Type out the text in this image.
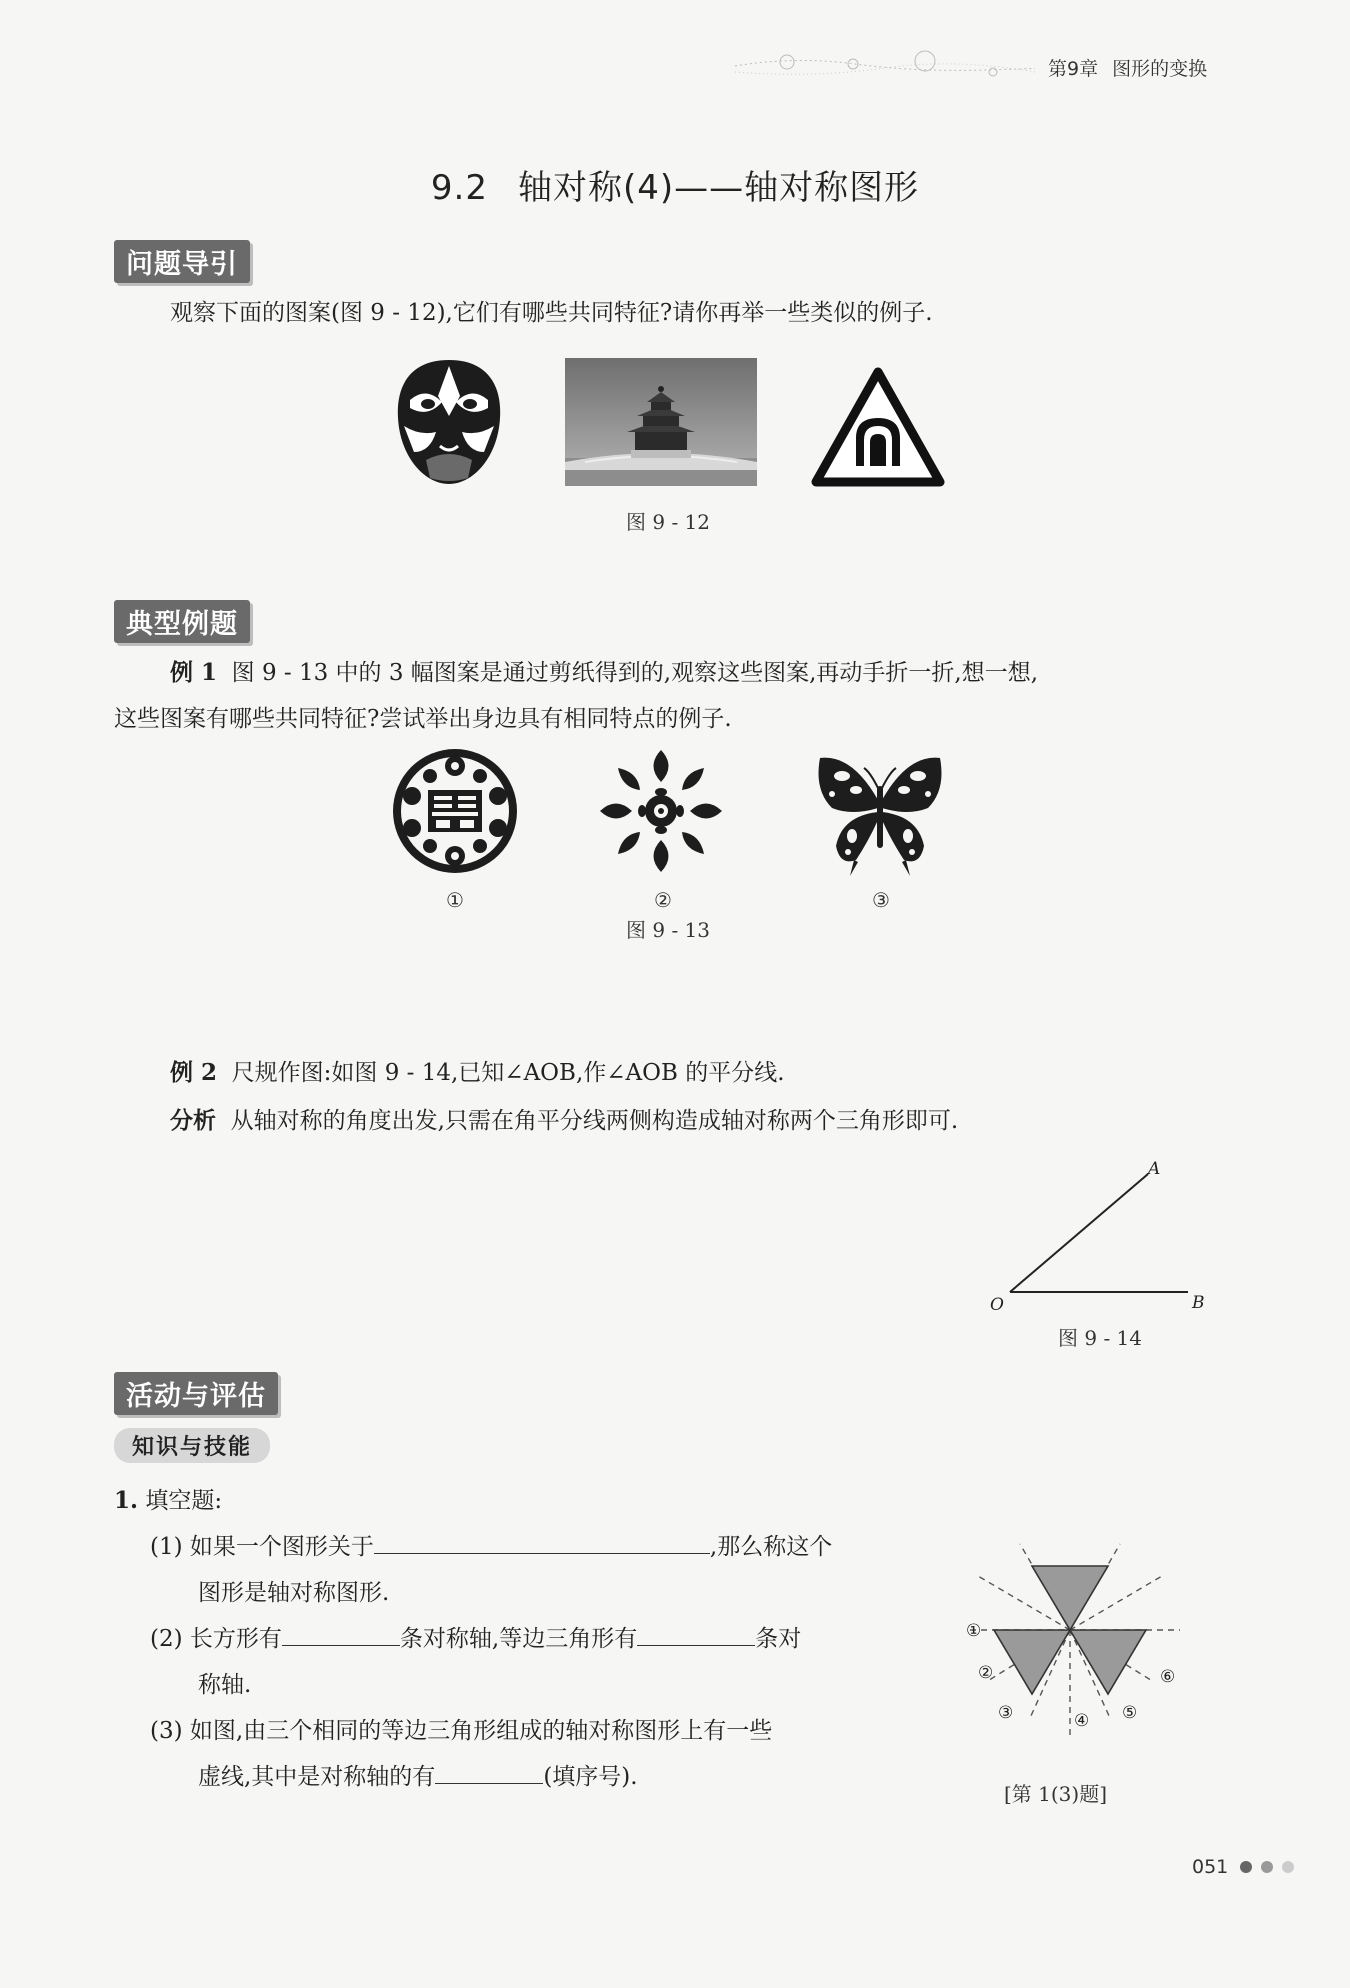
第9章 图形的变换
9.2 轴对称(4)——轴对称图形
问题导引
观察下面的图案(图 9 - 12),它们有哪些共同特征?请你再举一些类似的例子.
图 9 - 12
典型例题
例 1 图 9 - 13 中的 3 幅图案是通过剪纸得到的,观察这些图案,再动手折一折,想一想,
这些图案有哪些共同特征?尝试举出身边具有相同特点的例子.
①	②	③
图 9 - 13
例 2 尺规作图:如图 9 - 14,已知∠AOB,作∠AOB 的平分线.
分析 从轴对称的角度出发,只需在角平分线两侧构造成轴对称两个三角形即可.
A
O	B
图 9 - 14
活动与评估
知识与技能
1. 填空题:
(1) 如果一个图形关于	,那么称这个
图形是轴对称图形.
(2) 长方形有	条对称轴,等边三角形有	条对
称轴.
(3) 如图,由三个相同的等边三角形组成的轴对称图形上有一些
虚线,其中是对称轴的有	(填序号).
①
②
③	④ ⑤
⑥
[第 1(3)题]
051
